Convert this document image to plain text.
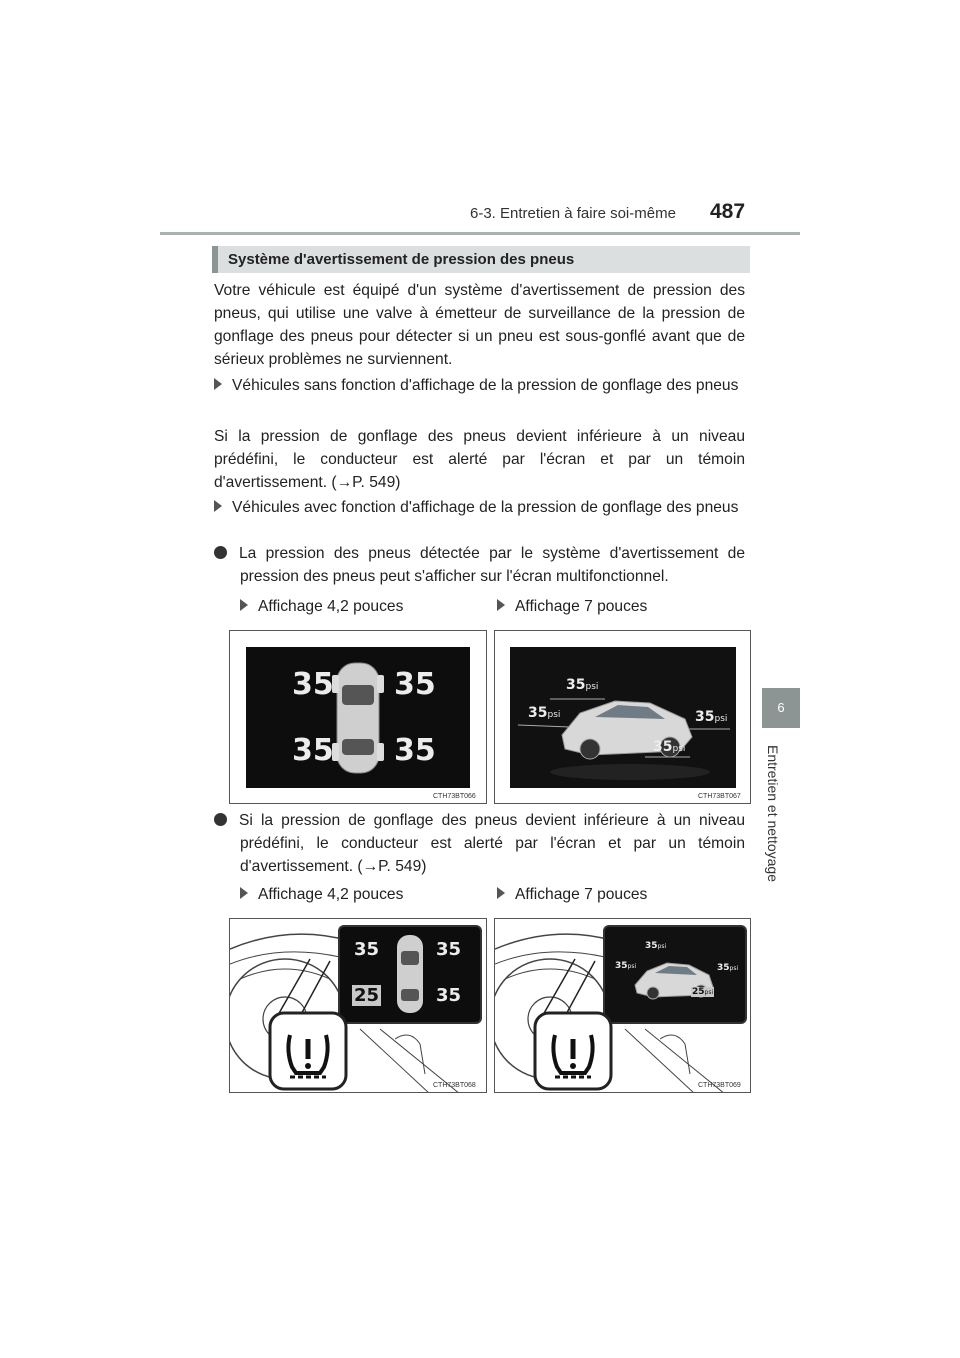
6-3. Entretien à faire soi-même 487
6
Entretien et nettoyage
Système d'avertissement de pression des pneus
Votre véhicule est équipé d'un système d'avertissement de pression des pneus, qui utilise une valve à émetteur de surveillance de la pression de gonflage des pneus pour détecter si un pneu est sous-gonflé avant que de sérieux problèmes ne surviennent.
Véhicules sans fonction d'affichage de la pression de gonflage des pneus
Si la pression de gonflage des pneus devient inférieure à un niveau prédéfini, le conducteur est alerté par l'écran et par un témoin d'avertissement. (→P. 549)
Véhicules avec fonction d'affichage de la pression de gonflage des pneus
La pression des pneus détectée par le système d'avertissement de pression des pneus peut s'afficher sur l'écran multifonctionnel.
Affichage 4,2 pouces	Affichage 7 pouces
35 35
35 35
CTH73BT066
35psi
35psi	35psi
35psi
CTH73BT067
Si la pression de gonflage des pneus devient inférieure à un niveau prédéfini, le conducteur est alerté par l'écran et par un témoin d'avertissement. (→P. 549)
Affichage 4,2 pouces	Affichage 7 pouces
35	35
25	35
CTH73BT068
35psi
35psi	35psi
25psi
CTH73BT069
